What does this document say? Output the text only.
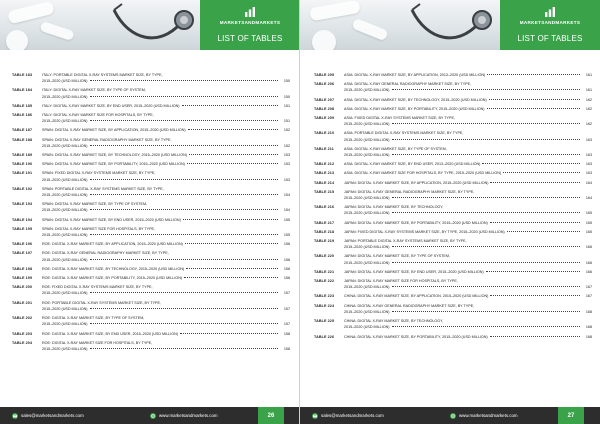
MARKETSANDMARKETS
LIST OF TABLES
TABLE 183	ITALY: PORTABLE DIGITAL X-RAY SYSTEMS MARKET SIZE, BY TYPE,
2015–2020 (USD MILLION)	150
TABLE 184	ITALY: DIGITAL X-RAY MARKET SIZE, BY TYPE OF SYSTEM,
2015–2020 (USD MILLION)	150
TABLE 185	ITALY: DIGITAL X-RAY MARKET SIZE, BY END USER, 2015–2020 (USD MILLION)	151
TABLE 186	ITALY: DIGITAL X-RAY MARKET SIZE FOR HOSPITALS, BY TYPE,
2015–2020 (USD MILLION)	151
TABLE 187	SPAIN: DIGITAL X-RAY MARKET SIZE, BY APPLICATION, 2015–2020 (USD MILLION)	152
TABLE 188	SPAIN: DIGITAL X-RAY GENERAL RADIOGRAPHY MARKET SIZE, BY TYPE,
2015–2020 (USD MILLION)	152
TABLE 189	SPAIN: DIGITAL X-RAY MARKET SIZE, BY TECHNOLOGY, 2015–2020 (USD MILLION)	153
TABLE 190	SPAIN: DIGITAL X-RAY MARKET SIZE, BY PORTABILITY, 2015–2020 (USD MILLION)	153
TABLE 191	SPAIN: FIXED DIGITAL X-RAY SYSTEMS MARKET SIZE, BY TYPE,
2015–2020 (USD MILLION)	153
TABLE 192	SPAIN: PORTABLE DIGITAL X-RAY SYSTEMS MARKET SIZE, BY TYPE,
2015–2020 (USD MILLION)	154
TABLE 193	SPAIN: DIGITAL X-RAY MARKET SIZE, BY TYPE OF SYSTEM,
2015–2020 (USD MILLION)	154
TABLE 194	SPAIN: DIGITAL X-RAY MARKET SIZE, BY END USER, 2015–2020 (USD MILLION)	155
TABLE 195	SPAIN: DIGITAL X-RAY MARKET SIZE FOR HOSPITALS, BY TYPE,
2015–2020 (USD MILLION)	155
TABLE 196	ROE: DIGITAL X-RAY MARKET SIZE, BY APPLICATION, 2015–2020 (USD MILLION)	156
TABLE 197	ROE: DIGITAL X-RAY GENERAL RADIOGRAPHY MARKET SIZE, BY TYPE,
2015–2020 (USD MILLION)	156
TABLE 198	ROE: DIGITAL X-RAY MARKET SIZE, BY TECHNOLOGY, 2015–2020 (USD MILLION)	156
TABLE 199	ROE: DIGITAL X-RAY MARKET SIZE, BY PORTABILITY, 2015–2020 (USD MILLION)	156
TABLE 200	ROE: FIXED DIGITAL X-RAY SYSTEMS MARKET SIZE, BY TYPE,
2015–2020 (USD MILLION)	157
TABLE 201	ROE: PORTABLE DIGITAL X-RAY SYSTEMS MARKET SIZE, BY TYPE,
2015–2020 (USD MILLION)	157
TABLE 202	ROE: DIGITAL X-RAY MARKET SIZE, BY TYPE OF SYSTEM,
2015–2020 (USD MILLION)	157
TABLE 203	ROE: DIGITAL X-RAY MARKET SIZE, BY END USER, 2015–2020 (USD MILLION)	158
TABLE 204	ROE: DIGITAL X-RAY MARKET SIZE FOR HOSPITALS, BY TYPE,
2015–2020 (USD MILLION)	158
sales@marketsandmarkets.com	www.marketsandmarkets.com	26
MARKETSANDMARKETS
LIST OF TABLES
TABLE 205	ASIA: DIGITAL X-RAY MARKET SIZE, BY APPLICATION, 2013–2020 (USD MILLION)	161
TABLE 206	ASIA: DIGITAL X-RAY GENERAL RADIOGRAPHY MARKET SIZE, BY TYPE,
2015–2020 (USD MILLION)	161
TABLE 207	ASIA: DIGITAL X-RAY MARKET SIZE, BY TECHNOLOGY, 2015–2020 (USD MILLION)	162
TABLE 208	ASIA: DIGITAL X-RAY MARKET SIZE, BY PORTABILITY, 2015–2020 (USD MILLION)	162
TABLE 209	ASIA: FIXED DIGITAL X-RAY SYSTEMS MARKET SIZE, BY TYPE,
2015–2020 (USD MILLION)	162
TABLE 210	ASIA: PORTABLE DIGITAL X-RAY SYSTEMS MARKET SIZE, BY TYPE,
2015–2020 (USD MILLION)	163
TABLE 211	ASIA: DIGITAL X-RAY MARKET SIZE, BY TYPE OF SYSTEM,
2015–2020 (USD MILLION)	163
TABLE 212	ASIA: DIGITAL X-RAY MARKET SIZE, BY END USER, 2013–2020 (USD MILLION)	163
TABLE 213	ASIA: DIGITAL X-RAY MARKET SIZE FOR HOSPITALS, BY TYPE, 2015–2020 (USD MILLION)	163
TABLE 214	JAPAN: DIGITAL X-RAY MARKET SIZE, BY APPLICATION, 2015–2020 (USD MILLION)	164
TABLE 215	JAPAN: DIGITAL X-RAY GENERAL RADIOGRAPHY MARKET SIZE, BY TYPE,
2015–2020 (USD MILLION)	164
TABLE 216	JAPAN: DIGITAL X-RAY MARKET SIZE, BY TECHNOLOGY,
2015–2020 (USD MILLION)	165
TABLE 217	JAPAN: DIGITAL X-RAY MARKET SIZE, BY PORTABILITY, 2015–2020 (USD MILLION)	165
TABLE 218	JAPAN: FIXED DIGITAL X-RAY SYSTEMS MARKET SIZE, BY TYPE, 2015–2020 (USD MILLION)	165
TABLE 219	JAPAN: PORTABLE DIGITAL X-RAY SYSTEMS MARKET SIZE, BY TYPE,
2015–2020 (USD MILLION)	166
TABLE 220	JAPAN: DIGITAL X-RAY MARKET SIZE, BY TYPE OF SYSTEM,
2015–2020 (USD MILLION)	166
TABLE 221	JAPAN: DIGITAL X-RAY MARKET SIZE, BY END USER, 2015–2020 (USD MILLION)	166
TABLE 222	JAPAN: DIGITAL X-RAY MARKET SIZE FOR HOSPITALS, BY TYPE,
2015–2020 (USD MILLION)	167
TABLE 223	CHINA: DIGITAL X-RAY MARKET SIZE, BY APPLICATION, 2015–2020 (USD MILLION)	167
TABLE 224	CHINA: DIGITAL X-RAY GENERAL RADIOGRAPHY MARKET SIZE, BY TYPE,
2015–2020 (USD MILLION)	168
TABLE 225	CHINA: DIGITAL X-RAY MARKET SIZE, BY TECHNOLOGY,
2015–2020 (USD MILLION)	168
TABLE 226	CHINA: DIGITAL X-RAY MARKET SIZE, BY PORTABILITY, 2015–2020 (USD MILLION)	168
sales@marketsandmarkets.com	www.marketsandmarkets.com	27
